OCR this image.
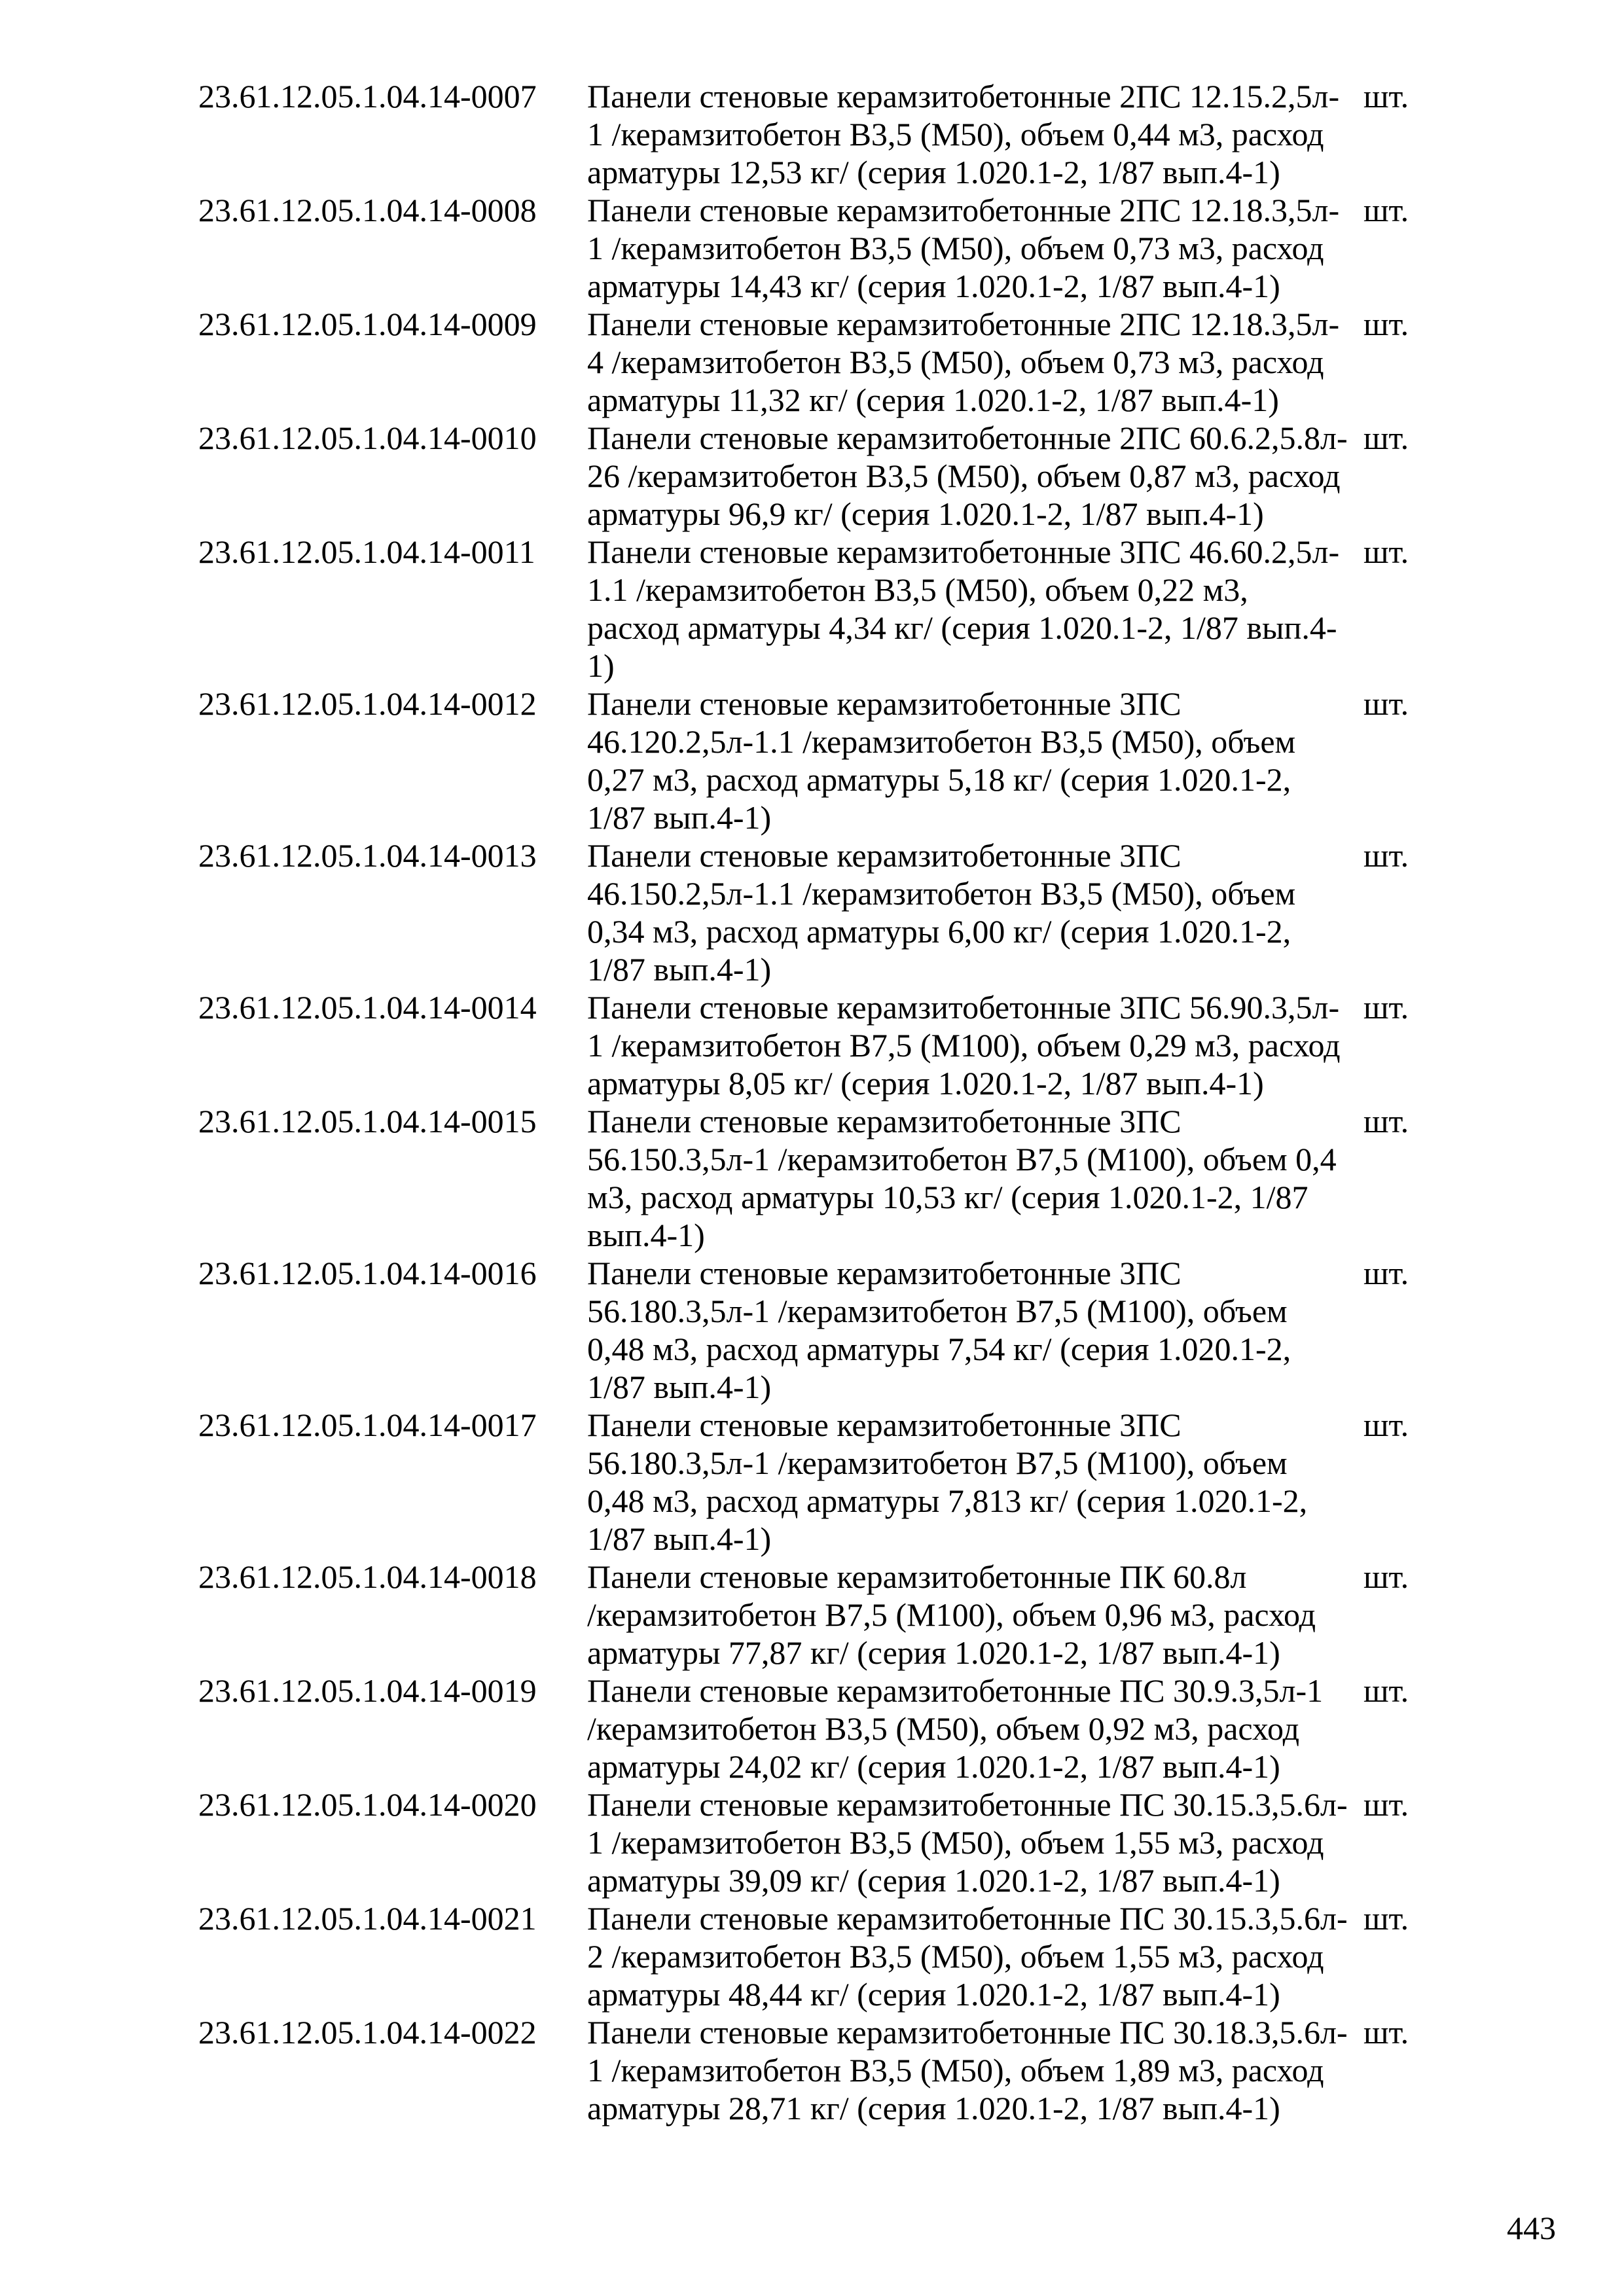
23.61.12.05.1.04.14-0007	Панели стеновые керамзитобетонные 2ПС 12.15.2,5л-
1 /керамзитобетон В3,5 (М50), объем 0,44 м3, расход
арматуры 12,53 кг/ (серия 1.020.1-2, 1/87 вып.4-1)
шт.
23.61.12.05.1.04.14-0008	Панели стеновые керамзитобетонные 2ПС 12.18.3,5л-
1 /керамзитобетон В3,5 (М50), объем 0,73 м3, расход
арматуры 14,43 кг/ (серия 1.020.1-2, 1/87 вып.4-1)
шт.
23.61.12.05.1.04.14-0009	Панели стеновые керамзитобетонные 2ПС 12.18.3,5л-
4 /керамзитобетон В3,5 (М50), объем 0,73 м3, расход
арматуры 11,32 кг/ (серия 1.020.1-2, 1/87 вып.4-1)
шт.
23.61.12.05.1.04.14-0010	Панели стеновые керамзитобетонные 2ПС 60.6.2,5.8л-
26 /керамзитобетон В3,5 (М50), объем 0,87 м3, расход
арматуры 96,9 кг/ (серия 1.020.1-2, 1/87 вып.4-1)
шт.
23.61.12.05.1.04.14-0011	Панели стеновые керамзитобетонные 3ПС 46.60.2,5л-
1.1 /керамзитобетон В3,5 (М50), объем 0,22 м3,
расход арматуры 4,34 кг/ (серия 1.020.1-2, 1/87 вып.4-
1)
шт.
23.61.12.05.1.04.14-0012	Панели стеновые керамзитобетонные 3ПС
46.120.2,5л-1.1 /керамзитобетон В3,5 (М50), объем
0,27 м3, расход арматуры 5,18 кг/ (серия 1.020.1-2,
1/87 вып.4-1)
шт.
23.61.12.05.1.04.14-0013	Панели стеновые керамзитобетонные 3ПС
46.150.2,5л-1.1 /керамзитобетон В3,5 (М50), объем
0,34 м3, расход арматуры 6,00 кг/ (серия 1.020.1-2,
1/87 вып.4-1)
шт.
23.61.12.05.1.04.14-0014	Панели стеновые керамзитобетонные 3ПС 56.90.3,5л-
1 /керамзитобетон В7,5 (М100), объем 0,29 м3, расход
арматуры 8,05 кг/ (серия 1.020.1-2, 1/87 вып.4-1)
шт.
23.61.12.05.1.04.14-0015	Панели стеновые керамзитобетонные 3ПС
56.150.3,5л-1 /керамзитобетон В7,5 (М100), объем 0,4
м3, расход арматуры 10,53 кг/ (серия 1.020.1-2, 1/87
вып.4-1)
шт.
23.61.12.05.1.04.14-0016	Панели стеновые керамзитобетонные 3ПС
56.180.3,5л-1 /керамзитобетон В7,5 (М100), объем
0,48 м3, расход арматуры 7,54 кг/ (серия 1.020.1-2,
1/87 вып.4-1)
шт.
23.61.12.05.1.04.14-0017	Панели стеновые керамзитобетонные 3ПС
56.180.3,5л-1 /керамзитобетон В7,5 (М100), объем
0,48 м3, расход арматуры 7,813 кг/ (серия 1.020.1-2,
1/87 вып.4-1)
шт.
23.61.12.05.1.04.14-0018	Панели стеновые керамзитобетонные ПК 60.8л
/керамзитобетон В7,5 (М100), объем 0,96 м3, расход
арматуры 77,87 кг/ (серия 1.020.1-2, 1/87 вып.4-1)
шт.
23.61.12.05.1.04.14-0019	Панели стеновые керамзитобетонные ПС 30.9.3,5л-1
/керамзитобетон В3,5 (М50), объем 0,92 м3, расход
арматуры 24,02 кг/ (серия 1.020.1-2, 1/87 вып.4-1)
шт.
23.61.12.05.1.04.14-0020	Панели стеновые керамзитобетонные ПС 30.15.3,5.6л-
1 /керамзитобетон В3,5 (М50), объем 1,55 м3, расход
арматуры 39,09 кг/ (серия 1.020.1-2, 1/87 вып.4-1)
шт.
23.61.12.05.1.04.14-0021	Панели стеновые керамзитобетонные ПС 30.15.3,5.6л-
2 /керамзитобетон В3,5 (М50), объем 1,55 м3, расход
арматуры 48,44 кг/ (серия 1.020.1-2, 1/87 вып.4-1)
шт.
23.61.12.05.1.04.14-0022	Панели стеновые керамзитобетонные ПС 30.18.3,5.6л-
1 /керамзитобетон В3,5 (М50), объем 1,89 м3, расход
арматуры 28,71 кг/ (серия 1.020.1-2, 1/87 вып.4-1)
шт.
443
